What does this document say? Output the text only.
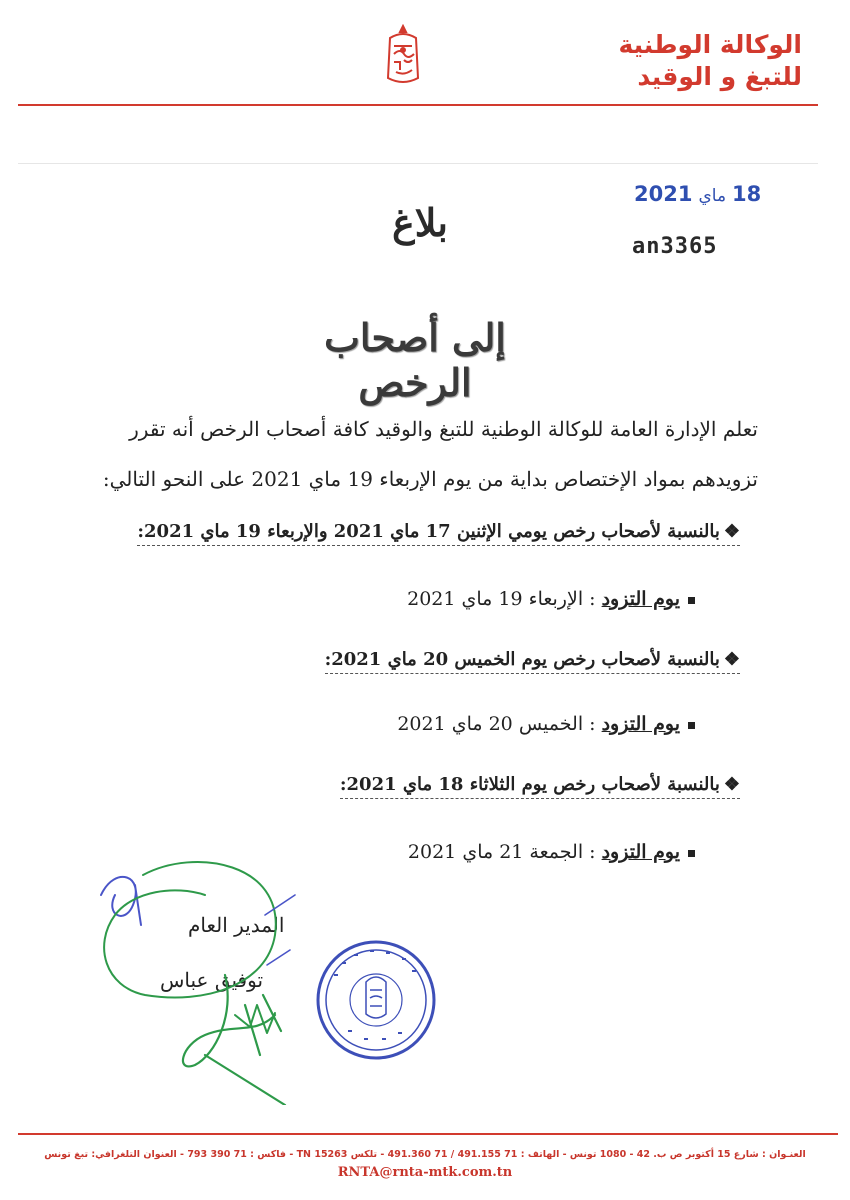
الوكالة الوطنية
للتبغ و الوقيد
18ماي2021
an3365
بلاغ
إلى أصحاب الرخص
تعلم الإدارة العامة للوكالة الوطنية للتبغ والوقيد كافة أصحاب الرخص أنه تقرر
تزويدهم بمواد الإختصاص بداية من يوم الإربعاء 19 ماي 2021 على النحو التالي:
❖بالنسبة لأصحاب رخص يومي الإثنين 17 ماي 2021 والإربعاء 19 ماي 2021:
يوم التزود : الإربعاء 19 ماي 2021
❖بالنسبة لأصحاب رخص يوم الخميس 20 ماي 2021:
يوم التزود : الخميس 20 ماي 2021
❖بالنسبة لأصحاب رخص يوم الثلاثاء 18 ماي 2021:
يوم التزود : الجمعة 21 ماي 2021
المدير العام
توفيق عباس
العنـوان : شارع 15 أكتوبر ص ب. 42 - 1080 تونس - الهاتف : 71 491.155 / 71 491.360 - تلكس 15263 TN - فاكس : 71 390 793 - العنوان التلغرافي: تبغ تونس
RNTA@rnta-mtk.com.tn
